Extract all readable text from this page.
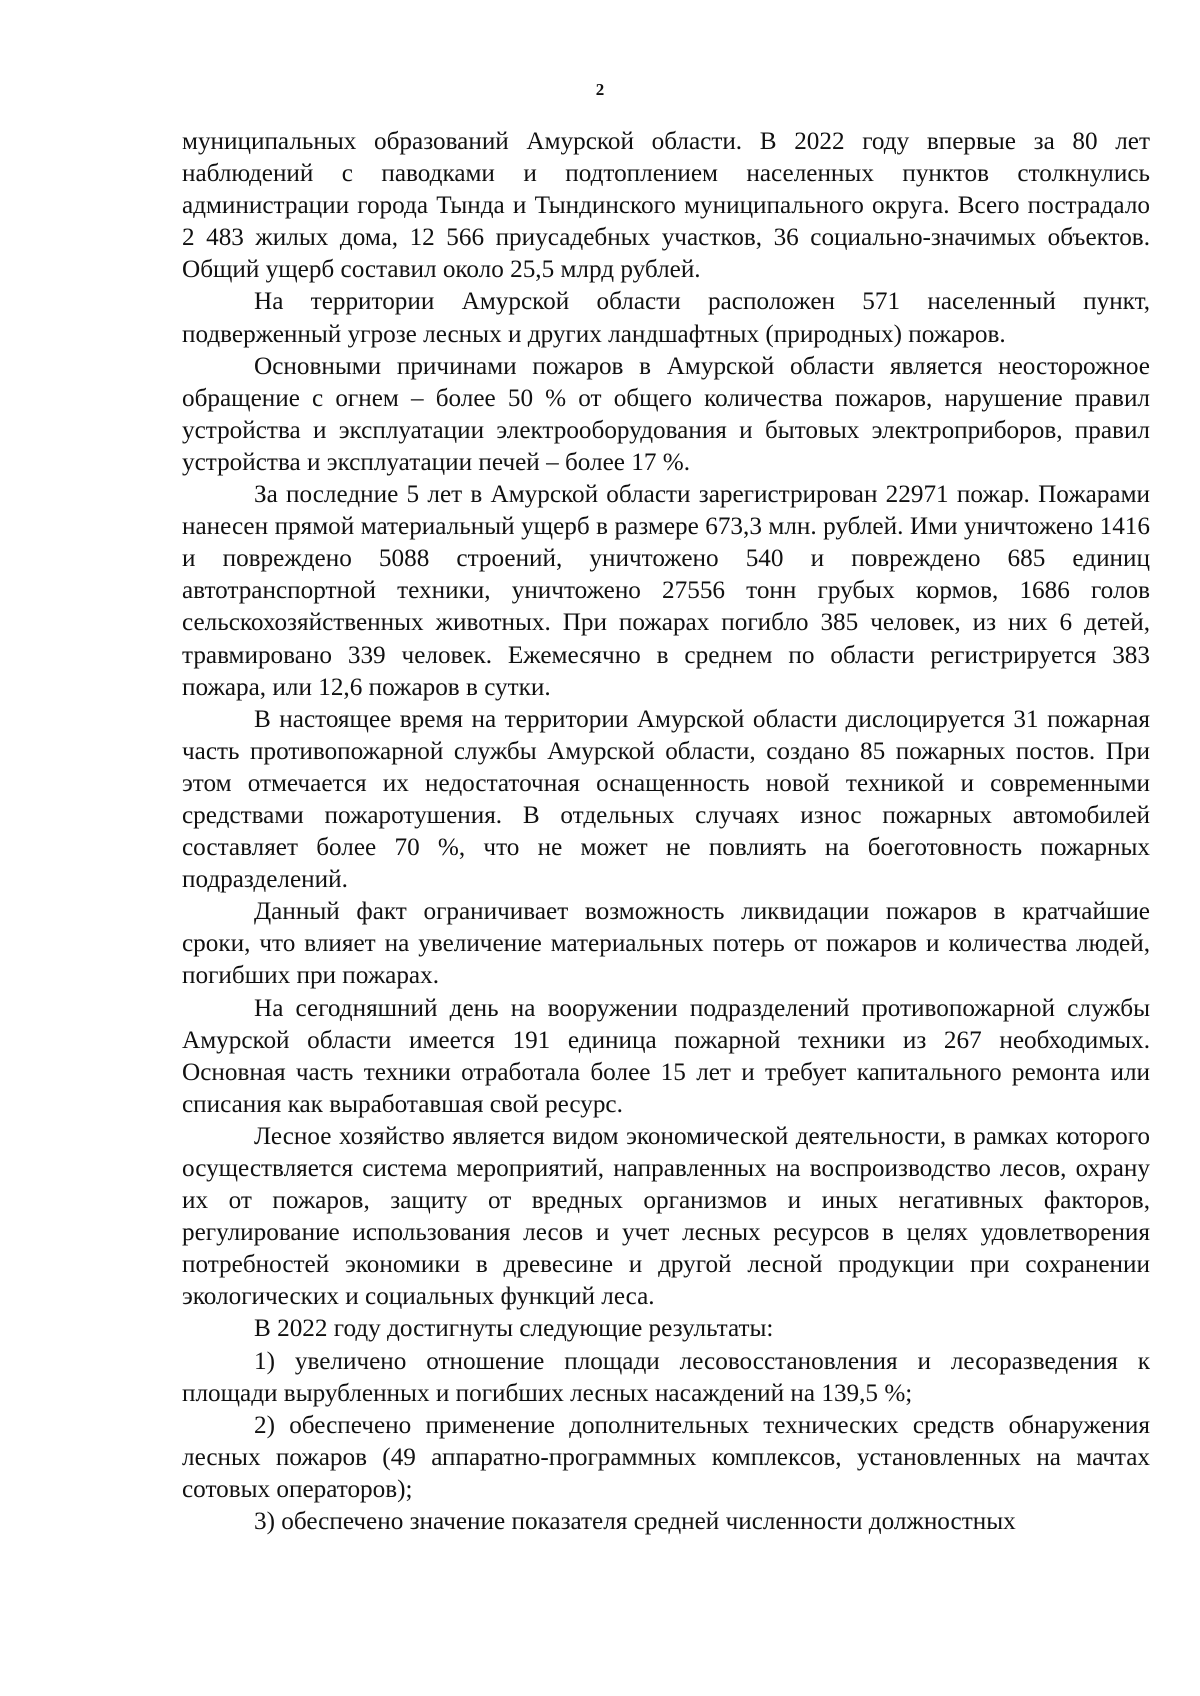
2

муниципальных образований Амурской области. В 2022 году впервые за 80 лет наблюдений с паводками и подтоплением населенных пунктов столкнулись администрации города Тында и Тындинского муниципального округа. Всего пострадало 2 483 жилых дома, 12 566 приусадебных участков, 36 социально-значимых объектов. Общий ущерб составил около 25,5 млрд рублей.

На территории Амурской области расположен 571 населенный пункт, подверженный угрозе лесных и других ландшафтных (природных) пожаров.

Основными причинами пожаров в Амурской области является неосторожное обращение с огнем – более 50 % от общего количества пожаров, нарушение правил устройства и эксплуатации электрооборудования и бытовых электроприборов, правил устройства и эксплуатации печей – более 17 %.

За последние 5 лет в Амурской области зарегистрирован 22971 пожар. Пожарами нанесен прямой материальный ущерб в размере 673,3 млн. рублей. Ими уничтожено 1416 и повреждено 5088 строений, уничтожено 540 и повреждено 685 единиц автотранспортной техники, уничтожено 27556 тонн грубых кормов, 1686 голов сельскохозяйственных животных. При пожарах погибло 385 человек, из них 6 детей, травмировано 339 человек. Ежемесячно в среднем по области регистрируется 383 пожара, или 12,6 пожаров в сутки.

В настоящее время на территории Амурской области дислоцируется 31 пожарная часть противопожарной службы Амурской области, создано 85 пожарных постов. При этом отмечается их недостаточная оснащенность новой техникой и современными средствами пожаротушения. В отдельных случаях износ пожарных автомобилей составляет более 70 %, что не может не повлиять на боеготовность пожарных подразделений.

Данный факт ограничивает возможность ликвидации пожаров в кратчайшие сроки, что влияет на увеличение материальных потерь от пожаров и количества людей, погибших при пожарах.

На сегодняшний день на вооружении подразделений противопожарной службы Амурской области имеется 191 единица пожарной техники из 267 необходимых. Основная часть техники отработала более 15 лет и требует капитального ремонта или списания как выработавшая свой ресурс.

Лесное хозяйство является видом экономической деятельности, в рамках которого осуществляется система мероприятий, направленных на воспроизводство лесов, охрану их от пожаров, защиту от вредных организмов и иных негативных факторов, регулирование использования лесов и учет лесных ресурсов в целях удовлетворения потребностей экономики в древесине и другой лесной продукции при сохранении экологических и социальных функций леса.

В 2022 году достигнуты следующие результаты:

1) увеличено отношение площади лесовосстановления и лесоразведения к площади вырубленных и погибших лесных насаждений на 139,5 %;

2) обеспечено применение дополнительных технических средств обнаружения лесных пожаров (49 аппаратно-программных комплексов, установленных на мачтах сотовых операторов);

3) обеспечено значение показателя средней численности должностных
